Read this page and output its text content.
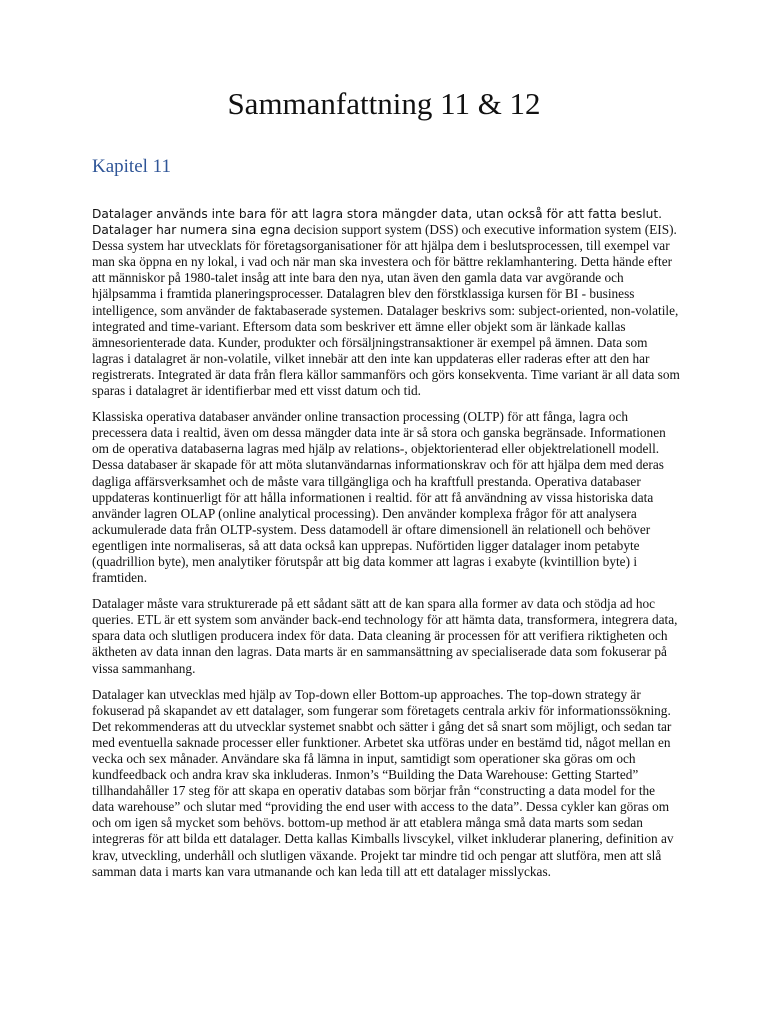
Sammanfattning 11 & 12
Kapitel 11

Datalager används inte bara för att lagra stora mängder data, utan också för att fatta beslut. Datalager har numera sina egna decision support system (DSS) och executive information system (EIS). Dessa system har utvecklats för företagsorganisationer för att hjälpa dem i beslutsprocessen, till exempel var man ska öppna en ny lokal, i vad och när man ska investera och för bättre reklamhantering. Detta hände efter att människor på 1980-talet insåg att inte bara den nya, utan även den gamla data var avgörande och hjälpsamma i framtida planeringsprocesser. Datalagren blev den förstklassiga kursen för BI - business intelligence, som använder de faktabaserade systemen. Datalager beskrivs som: subject-oriented, non-volatile, integrated and time-variant. Eftersom data som beskriver ett ämne eller objekt som är länkade kallas ämnesorienterade data. Kunder, produkter och försäljningstransaktioner är exempel på ämnen. Data som lagras i datalagret är non-volatile, vilket innebär att den inte kan uppdateras eller raderas efter att den har registrerats. Integrated är data från flera källor sammanförs och görs konsekventa. Time variant är all data som sparas i datalagret är identifierbar med ett visst datum och tid.

Klassiska operativa databaser använder online transaction processing (OLTP) för att fånga, lagra och precessera data i realtid, även om dessa mängder data inte är så stora och ganska begränsade. Informationen om de operativa databaserna lagras med hjälp av relations-, objektorienterad eller objektrelationell modell. Dessa databaser är skapade för att möta slutanvändarnas informationskrav och för att hjälpa dem med deras dagliga affärsverksamhet och de måste vara tillgängliga och ha kraftfull prestanda. Operativa databaser uppdateras kontinuerligt för att hålla informationen i realtid. för att få användning av vissa historiska data använder lagren OLAP (online analytical processing). Den använder komplexa frågor för att analysera ackumulerade data från OLTP-system. Dess datamodell är oftare dimensionell än relationell och behöver egentligen inte normaliseras, så att data också kan upprepas. Nuförtiden ligger datalager inom petabyte (quadrillion byte), men analytiker förutspår att big data kommer att lagras i exabyte (kvintillion byte) i framtiden.

Datalager måste vara strukturerade på ett sådant sätt att de kan spara alla former av data och stödja ad hoc queries. ETL är ett system som använder back-end technology för att hämta data, transformera, integrera data, spara data och slutligen producera index för data. Data cleaning är processen för att verifiera riktigheten och äktheten av data innan den lagras. Data marts är en sammansättning av specialiserade data som fokuserar på vissa sammanhang.

Datalager kan utvecklas med hjälp av Top-down eller Bottom-up approaches. The top-down strategy är fokuserad på skapandet av ett datalager, som fungerar som företagets centrala arkiv för informationssökning. Det rekommenderas att du utvecklar systemet snabbt och sätter i gång det så snart som möjligt, och sedan tar med eventuella saknade processer eller funktioner. Arbetet ska utföras under en bestämd tid, något mellan en vecka och sex månader. Användare ska få lämna in input, samtidigt som operationer ska göras om och kundfeedback och andra krav ska inkluderas. Inmon’s “Building the Data Warehouse: Getting Started” tillhandahåller 17 steg för att skapa en operativ databas som börjar från “constructing a data model for the data warehouse” och slutar med “providing the end user with access to the data”. Dessa cykler kan göras om och om igen så mycket som behövs. bottom-up method är att etablera många små data marts som sedan integreras för att bilda ett datalager. Detta kallas Kimballs livscykel, vilket inkluderar planering, definition av krav, utveckling, underhåll och slutligen växande. Projekt tar mindre tid och pengar att slutföra, men att slå samman data i marts kan vara utmanande och kan leda till att ett datalager misslyckas.
